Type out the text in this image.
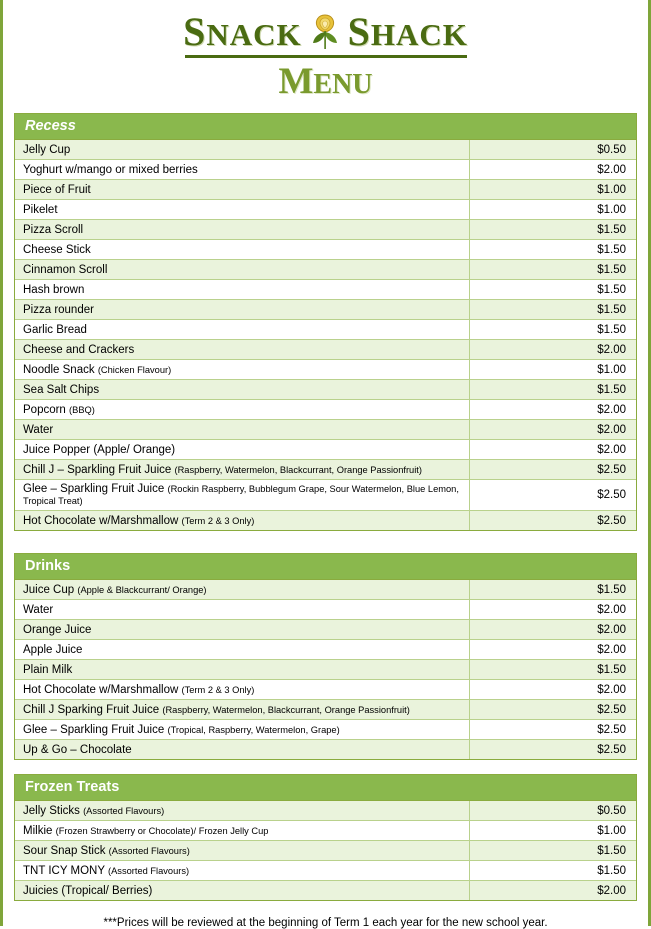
SNACK SHACK
MENU
Recess
Jelly Cup	$0.50
Yoghurt w/mango or mixed berries	$2.00
Piece of Fruit	$1.00
Pikelet	$1.00
Pizza Scroll	$1.50
Cheese Stick	$1.50
Cinnamon Scroll	$1.50
Hash brown	$1.50
Pizza rounder	$1.50
Garlic Bread	$1.50
Cheese and Crackers	$2.00
Noodle Snack (Chicken Flavour)	$1.00
Sea Salt Chips	$1.50
Popcorn (BBQ)	$2.00
Water	$2.00
Juice Popper (Apple/ Orange)	$2.00
Chill J – Sparkling Fruit Juice (Raspberry, Watermelon, Blackcurrant, Orange Passionfruit)	$2.50
Glee – Sparkling Fruit Juice (Rockin Raspberry, Bubblegum Grape, Sour Watermelon, Blue Lemon, Tropical Treat)	$2.50
Hot Chocolate w/Marshmallow (Term 2 & 3 Only)	$2.50
Drinks
Juice Cup (Apple & Blackcurrant/ Orange)	$1.50
Water	$2.00
Orange Juice	$2.00
Apple Juice	$2.00
Plain Milk	$1.50
Hot Chocolate w/Marshmallow (Term 2 & 3 Only)	$2.00
Chill J Sparking Fruit Juice (Raspberry, Watermelon, Blackcurrant, Orange Passionfruit)	$2.50
Glee – Sparkling Fruit Juice (Tropical, Raspberry, Watermelon, Grape)	$2.50
Up & Go – Chocolate	$2.50
Frozen Treats
Jelly Sticks (Assorted Flavours)	$0.50
Milkie (Frozen Strawberry or Chocolate)/ Frozen Jelly Cup	$1.00
Sour Snap Stick (Assorted Flavours)	$1.50
TNT ICY MONY (Assorted Flavours)	$1.50
Juicies (Tropical/ Berries)	$2.00
***Prices will be reviewed at the beginning of Term 1 each year for the new school year.
